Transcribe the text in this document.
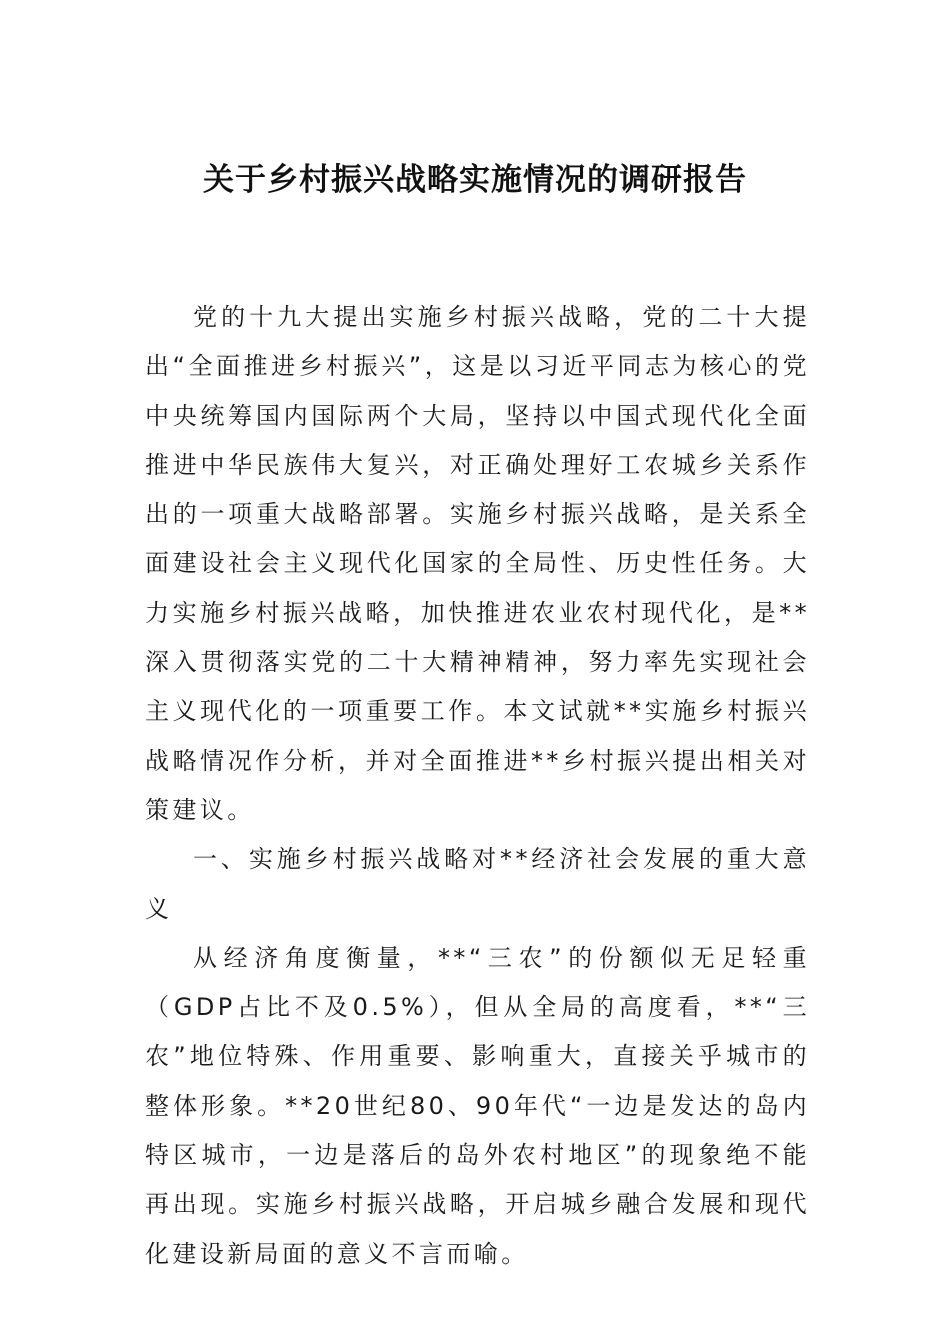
关于乡村振兴战略实施情况的调研报告

党的十九大提出实施乡村振兴战略，党的二十大提出“全面推进乡村振兴”，这是以习近平同志为核心的党中央统筹国内国际两个大局，坚持以中国式现代化全面推进中华民族伟大复兴，对正确处理好工农城乡关系作出的一项重大战略部署。实施乡村振兴战略，是关系全面建设社会主义现代化国家的全局性、历史性任务。大力实施乡村振兴战略，加快推进农业农村现代化，是**深入贯彻落实党的二十大精神精神，努力率先实现社会主义现代化的一项重要工作。本文试就**实施乡村振兴战略情况作分析，并对全面推进**乡村振兴提出相关对策建议。

一、实施乡村振兴战略对**经济社会发展的重大意义

从经济角度衡量，**“三农”的份额似无足轻重（GDP占比不及0.5%），但从全局的高度看，**“三农”地位特殊、作用重要、影响重大，直接关乎城市的整体形象。**20世纪80、90年代“一边是发达的岛内特区城市，一边是落后的岛外农村地区”的现象绝不能再出现。实施乡村振兴战略，开启城乡融合发展和现代化建设新局面的意义不言而喻。
